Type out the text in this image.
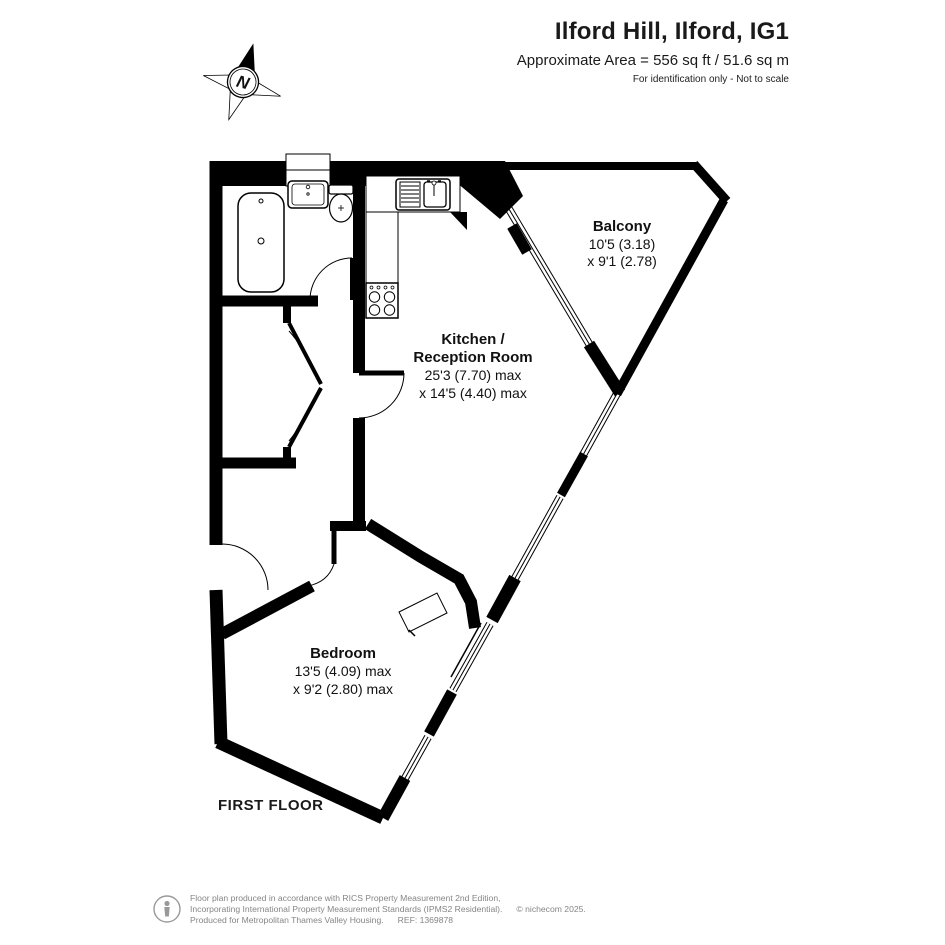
Ilford Hill, Ilford, IG1
Approximate Area = 556 sq ft / 51.6 sq m
For identification only - Not to scale
N
Balcony
10'5 (3.18)
x 9'1 (2.78)
Kitchen /
Reception Room
25'3 (7.70) max
x 14'5 (4.40) max
Bedroom
13'5 (4.09) max
x 9'2 (2.80) max
FIRST FLOOR
Floor plan produced in accordance with RICS Property Measurement 2nd Edition,
Incorporating International Property Measurement Standards (IPMS2 Residential). © nichecom 2025.
Produced for Metropolitan Thames Valley Housing. REF: 1369878
